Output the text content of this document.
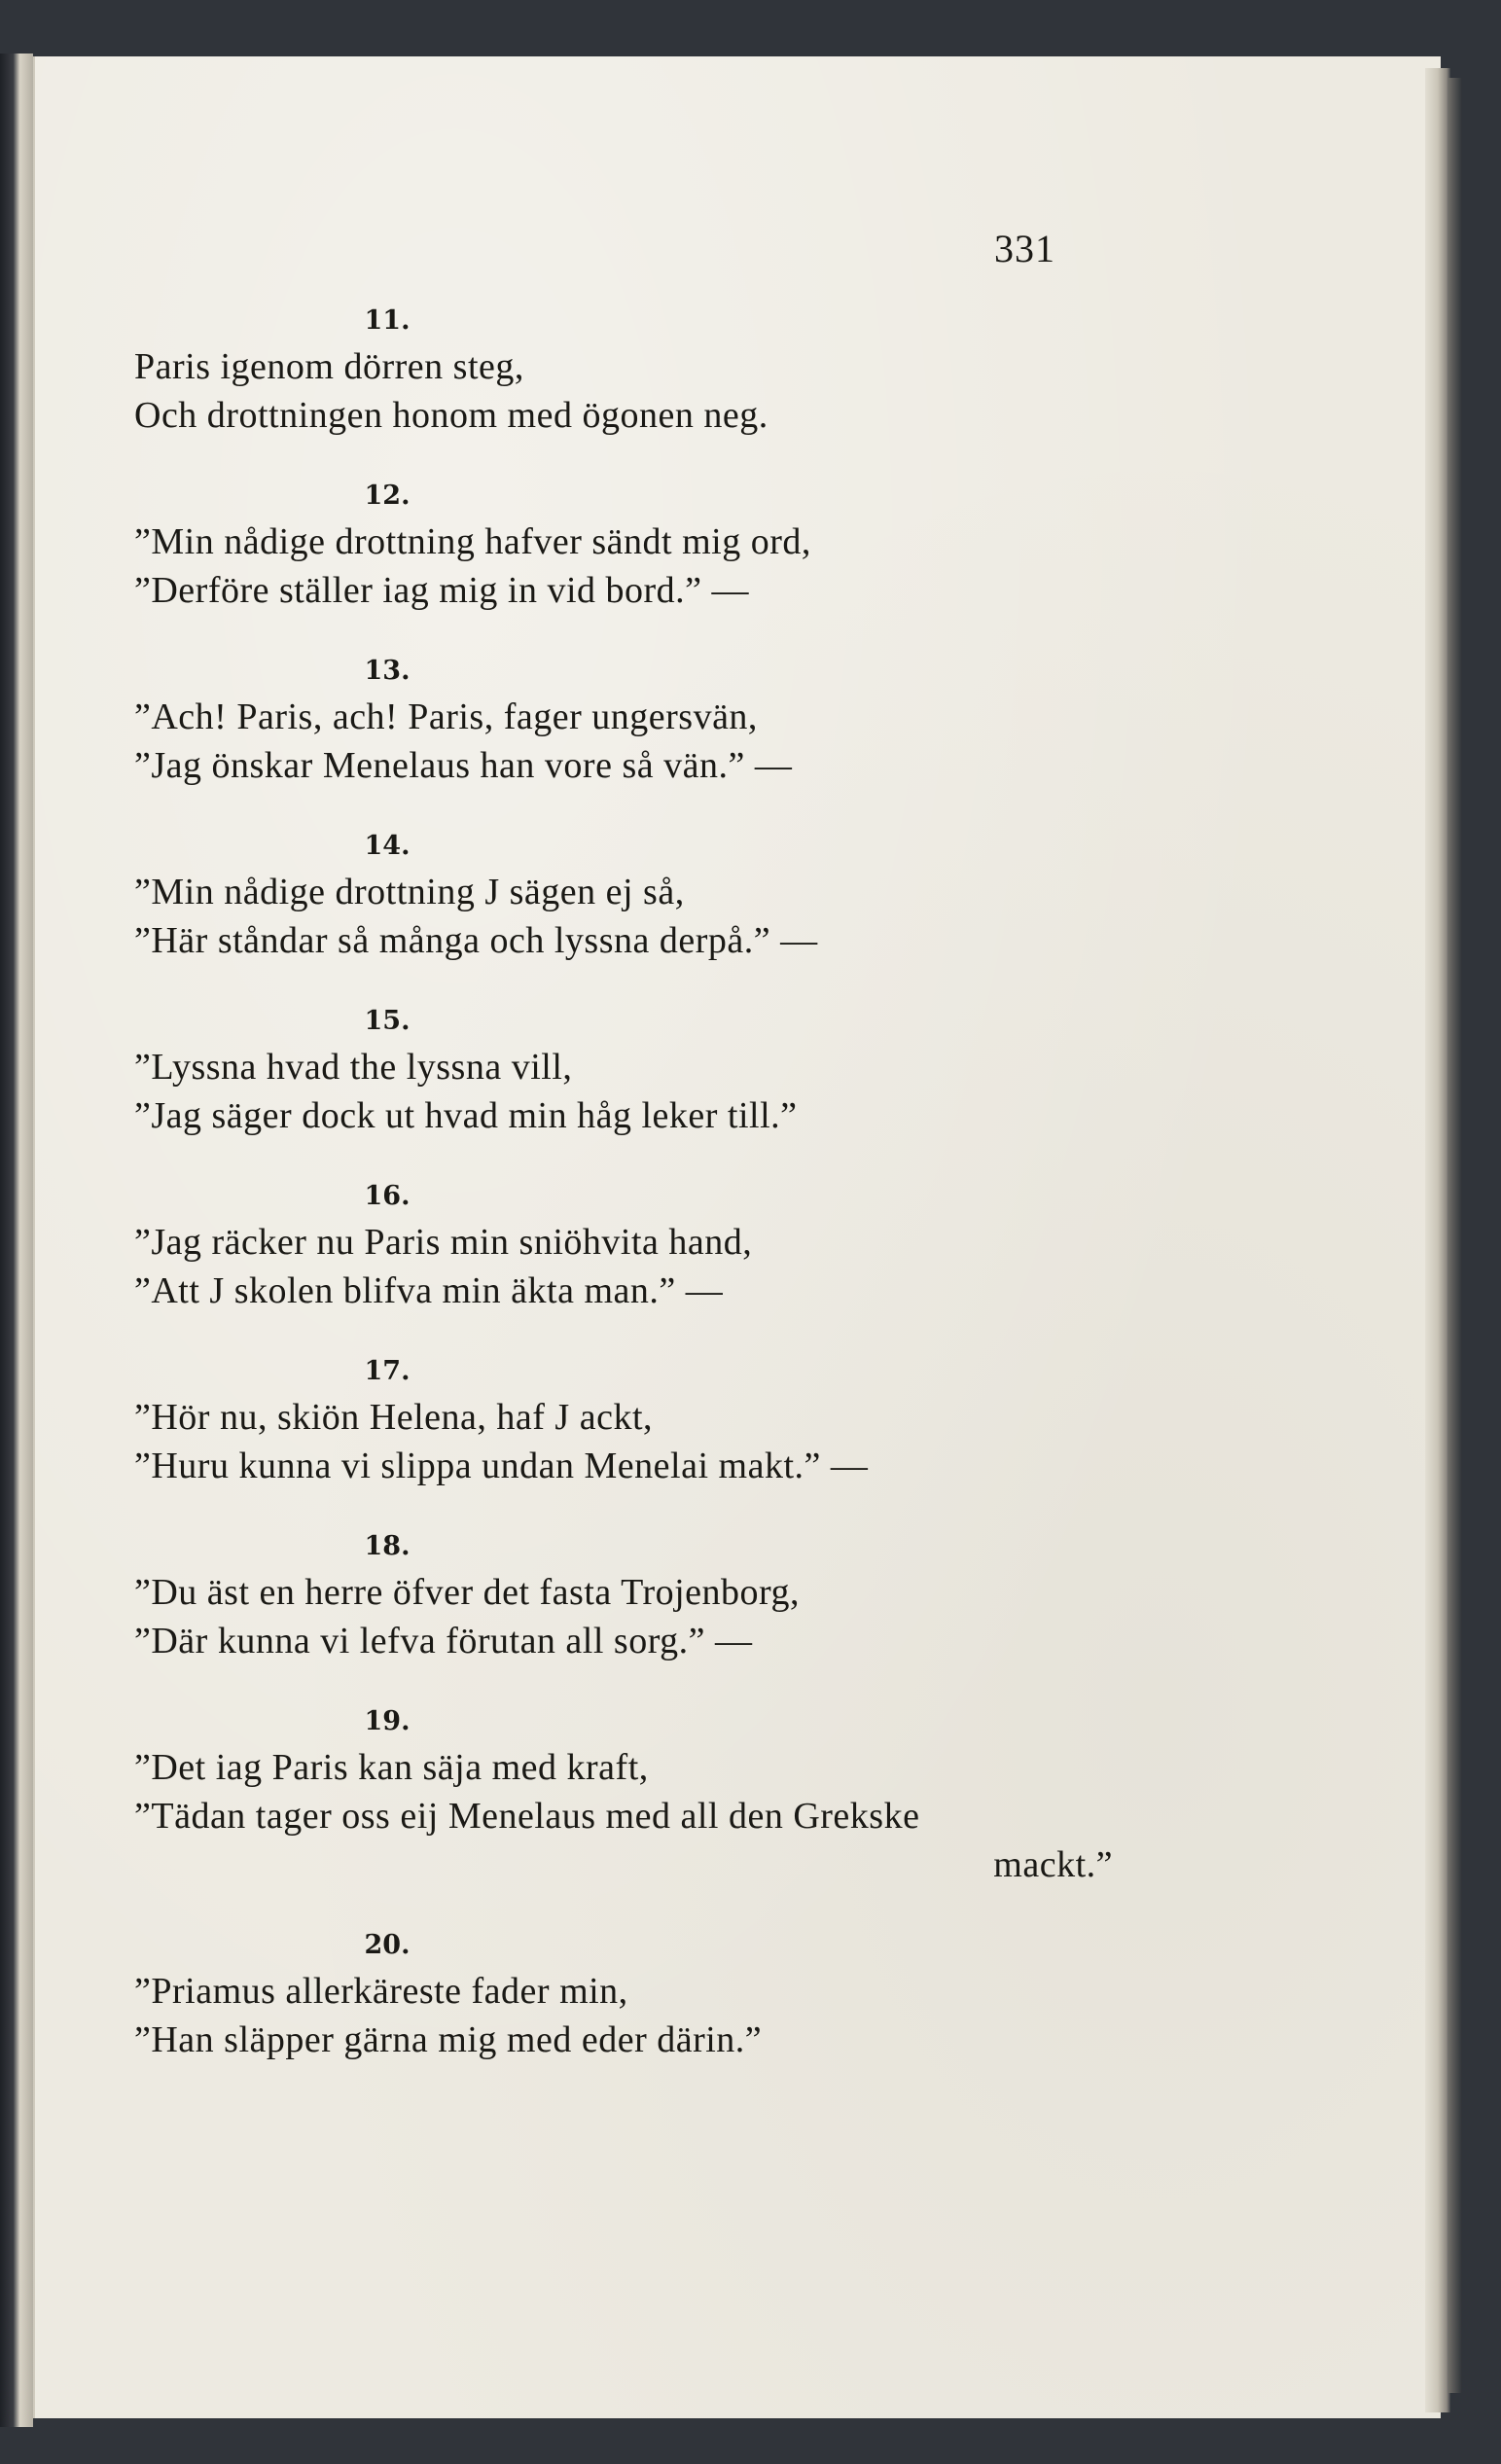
331
11.
Paris igenom dörren steg,
Och drottningen honom med ögonen neg.
12.
”Min nådige drottning hafver sändt mig ord,
”Derföre ställer iag mig in vid bord.” —
13.
”Ach! Paris, ach! Paris, fager ungersvän,
”Jag önskar Menelaus han vore så vän.” —
14.
”Min nådige drottning J sägen ej så,
”Här ståndar så många och lyssna derpå.” —
15.
”Lyssna hvad the lyssna vill,
”Jag säger dock ut hvad min håg leker till.”
16.
”Jag räcker nu Paris min sniöhvita hand,
”Att J skolen blifva min äkta man.” —
17.
”Hör nu, skiön Helena, haf J ackt,
”Huru kunna vi slippa undan Menelai makt.” —
18.
”Du äst en herre öfver det fasta Trojenborg,
”Där kunna vi lefva förutan all sorg.” —
19.
”Det iag Paris kan säja med kraft,
”Tädan tager oss eij Menelaus med all den Grekske
mackt.”
20.
”Priamus allerkäreste fader min,
”Han släpper gärna mig med eder därin.”
